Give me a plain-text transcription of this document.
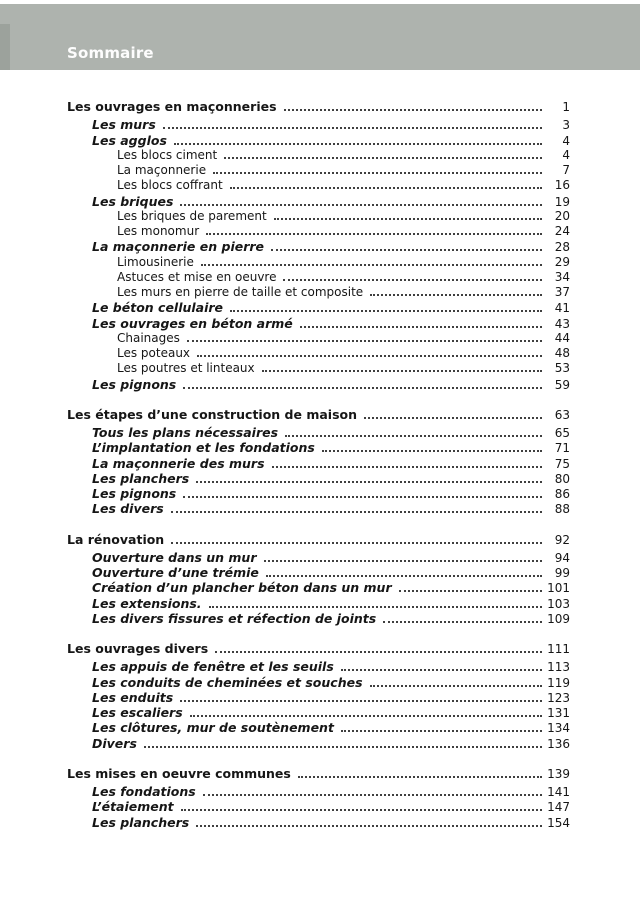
Sommaire
Les ouvrages en maçonneries	1
Les murs	3
Les agglos	4
Les blocs ciment	4
La maçonnerie	7
Les blocs coffrant	16
Les briques	19
Les briques de parement	20
Les monomur	24
La maçonnerie en pierre	28
Limousinerie	29
Astuces et mise en oeuvre	34
Les murs en pierre de taille et composite	37
Le béton cellulaire	41
Les ouvrages en béton armé	43
Chainages	44
Les poteaux	48
Les poutres et linteaux	53
Les pignons	59
Les étapes d’une construction de maison	63
Tous les plans nécessaires	65
L’implantation et les fondations	71
La maçonnerie des murs	75
Les planchers	80
Les pignons	86
Les divers	88
La rénovation	92
Ouverture dans un mur	94
Ouverture d’une trémie	99
Création d’un plancher béton dans un mur	101
Les extensions.	103
Les divers fissures et réfection de joints	109
Les ouvrages divers	111
Les appuis de fenêtre et les seuils	113
Les conduits de cheminées et souches	119
Les enduits	123
Les escaliers	131
Les clôtures, mur de soutènement	134
Divers	136
Les mises en oeuvre communes	139
Les fondations	141
L’étaiement	147
Les planchers	154
